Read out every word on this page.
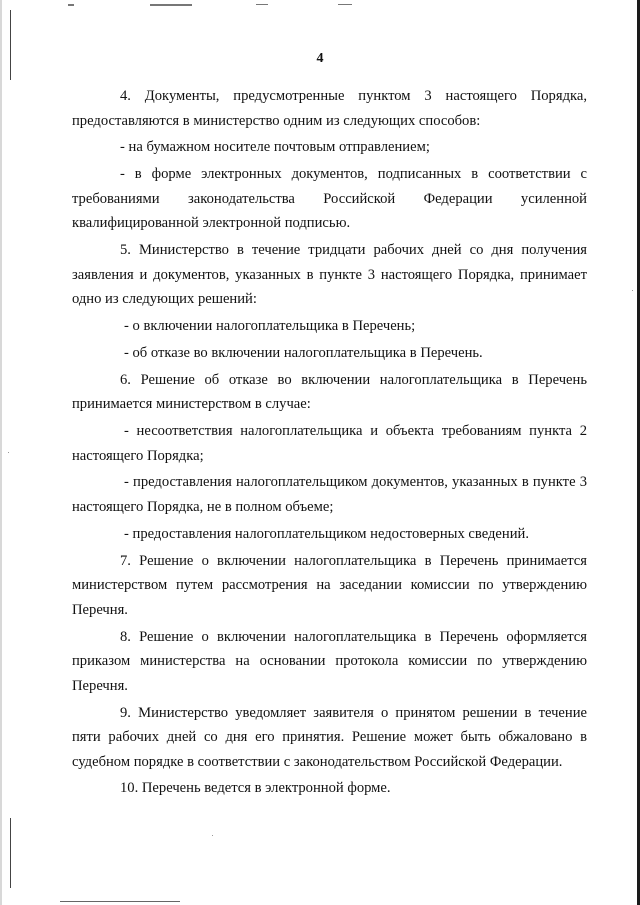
4

4. Документы, предусмотренные пунктом 3 настоящего Порядка, предоставляются в министерство одним из следующих способов:

- на бумажном носителе почтовым отправлением;

- в форме электронных документов, подписанных в соответствии с требованиями законодательства Российской Федерации усиленной квалифицированной электронной подписью.

5. Министерство в течение тридцати рабочих дней со дня получения заявления и документов, указанных в пункте 3 настоящего Порядка, принимает одно из следующих решений:

- о включении налогоплательщика в Перечень;

- об отказе во включении налогоплательщика в Перечень.

6. Решение об отказе во включении налогоплательщика в Перечень принимается министерством в случае:

- несоответствия налогоплательщика и объекта требованиям пункта 2 настоящего Порядка;

- предоставления налогоплательщиком документов, указанных в пункте 3 настоящего Порядка, не в полном объеме;

- предоставления налогоплательщиком недостоверных сведений.

7. Решение о включении налогоплательщика в Перечень принимается министерством путем рассмотрения на заседании комиссии по утверждению Перечня.

8. Решение о включении налогоплательщика в Перечень оформляется приказом министерства на основании протокола комиссии по утверждению Перечня.

9. Министерство уведомляет заявителя о принятом решении в течение пяти рабочих дней со дня его принятия. Решение может быть обжаловано в судебном порядке в соответствии с законодательством Российской Федерации.

10. Перечень ведется в электронной форме.
